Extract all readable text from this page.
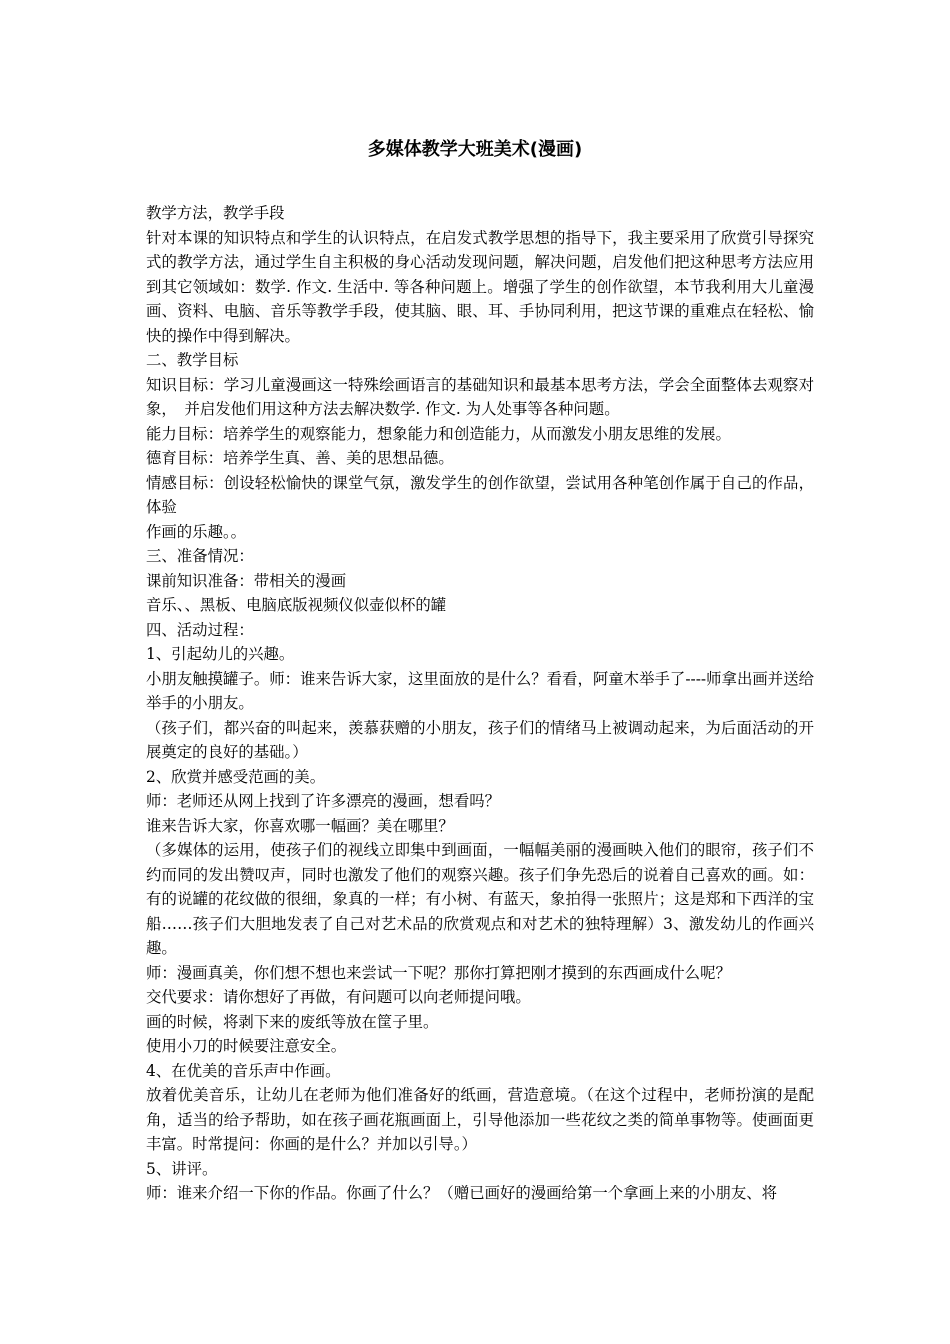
多媒体教学大班美术(漫画)

教学方法，教学手段

针对本课的知识特点和学生的认识特点，在启发式教学思想的指导下，我主要采用了欣赏引导探究式的教学方法，通过学生自主积极的身心活动发现问题，解决问题，启发他们把这种思考方法应用到其它领域如：数学. 作文. 生活中. 等各种问题上。增强了学生的创作欲望，本节我利用大儿童漫画、资料、电脑、音乐等教学手段，使其脑、眼、耳、手协同利用，把这节课的重难点在轻松、愉快的操作中得到解决。

二、教学目标

知识目标：学习儿童漫画这一特殊绘画语言的基础知识和最基本思考方法，学会全面整体去观察对象，　并启发他们用这种方法去解决数学. 作文. 为人处事等各种问题。

能力目标：培养学生的观察能力，想象能力和创造能力，从而激发小朋友思维的发展。

德育目标：培养学生真、善、美的思想品德。

情感目标：创设轻松愉快的课堂气氛，激发学生的创作欲望，尝试用各种笔创作属于自己的作品，体验

作画的乐趣。。

三、准备情况：

课前知识准备：带相关的漫画

音乐、、黑板、电脑底版视频仪似壶似杯的罐

四、活动过程：

1、引起幼儿的兴趣。

小朋友触摸罐子。师：谁来告诉大家，这里面放的是什么？看看，阿童木举手了----师拿出画并送给举手的小朋友。

（孩子们，都兴奋的叫起来，羡慕获赠的小朋友，孩子们的情绪马上被调动起来，为后面活动的开展奠定的良好的基础。）

2、欣赏并感受范画的美。

师：老师还从网上找到了许多漂亮的漫画，想看吗？

谁来告诉大家，你喜欢哪一幅画？美在哪里？

（多媒体的运用，使孩子们的视线立即集中到画面，一幅幅美丽的漫画映入他们的眼帘，孩子们不约而同的发出赞叹声，同时也激发了他们的观察兴趣。孩子们争先恐后的说着自己喜欢的画。如：有的说罐的花纹做的很细，象真的一样；有小树、有蓝天，象拍得一张照片；这是郑和下西洋的宝船……孩子们大胆地发表了自己对艺术品的欣赏观点和对艺术的独特理解）3、激发幼儿的作画兴趣。

师：漫画真美，你们想不想也来尝试一下呢？那你打算把刚才摸到的东西画成什么呢？

交代要求：请你想好了再做，有问题可以向老师提问哦。

画的时候，将剥下来的废纸等放在筐子里。

使用小刀的时候要注意安全。

4、在优美的音乐声中作画。

放着优美音乐，让幼儿在老师为他们准备好的纸画，营造意境。（在这个过程中，老师扮演的是配角，适当的给予帮助，如在孩子画花瓶画面上，引导他添加一些花纹之类的简单事物等。使画面更丰富。时常提问：你画的是什么？并加以引导。）

5、讲评。

师：谁来介绍一下你的作品。你画了什么？（赠已画好的漫画给第一个拿画上来的小朋友、将
